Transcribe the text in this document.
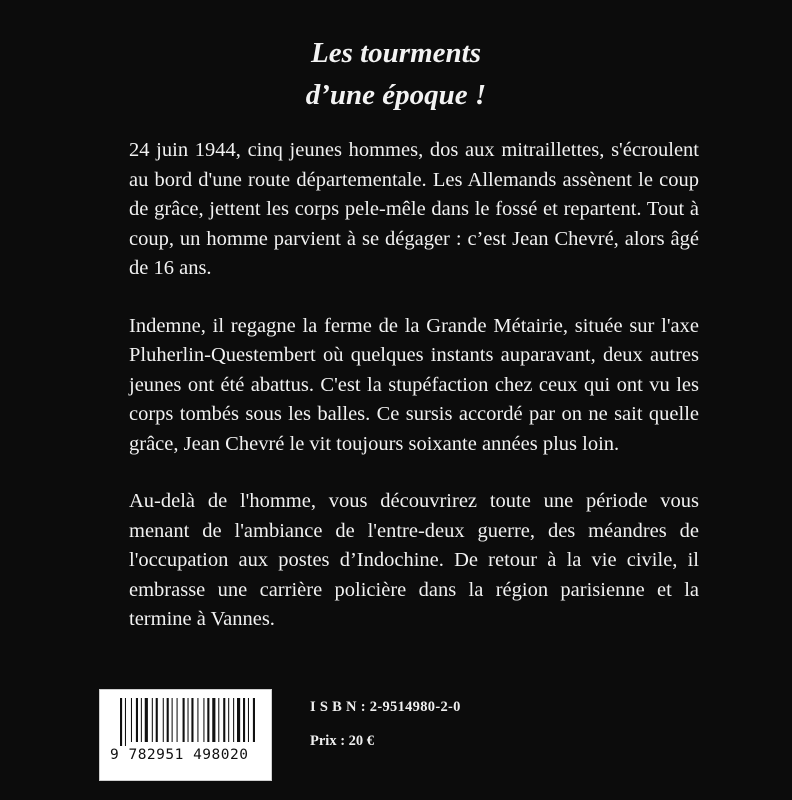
Les tourments
d’une époque !

24 juin 1944, cinq jeunes hommes, dos aux mitraillettes, s'écroulent au bord d'une route départementale. Les Allemands assènent le coup de grâce, jettent les corps pele-mêle dans le fossé et repartent. Tout à coup, un homme parvient à se dégager : c’est Jean Chevré, alors âgé de 16 ans.

Indemne, il regagne la ferme de la Grande Métairie, située sur l'axe Pluherlin-Questembert où quelques instants auparavant, deux autres jeunes ont été abattus. C'est la stupéfaction chez ceux qui ont vu les corps tombés sous les balles. Ce sursis accordé par on ne sait quelle grâce, Jean Chevré le vit toujours soixante années plus loin.

Au-delà de l'homme, vous découvrirez toute une période vous menant de l'ambiance de l'entre-deux guerre, des méandres de l'occupation aux postes d’Indochine. De retour à la vie civile, il embrasse une carrière policière dans la région parisienne et la termine à Vannes.

9 782951 498020
I S B N : 2-9514980-2-0
Prix : 20 €
